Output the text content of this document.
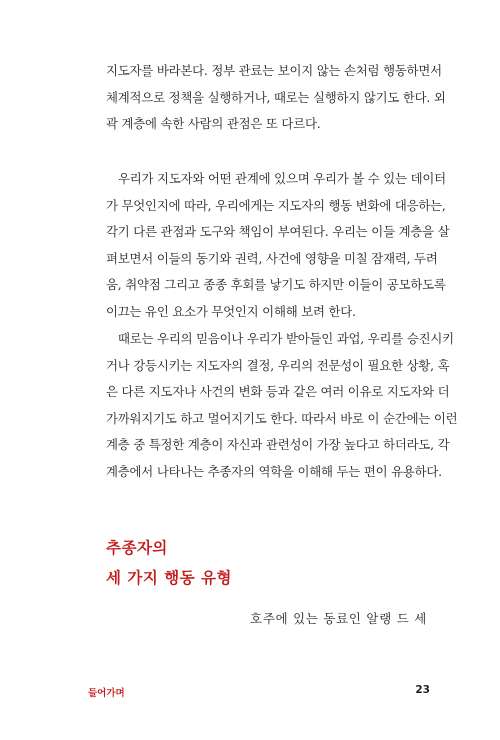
지도자를 바라본다. 정부 관료는 보이지 않는 손처럼 행동하면서
체계적으로 정책을 실행하거나, 때로는 실행하지 않기도 한다. 외
곽 계층에 속한 사람의 관점은 또 다르다.

우리가 지도자와 어떤 관계에 있으며 우리가 볼 수 있는 데이터
가 무엇인지에 따라, 우리에게는 지도자의 행동 변화에 대응하는,
각기 다른 관점과 도구와 책임이 부여된다. 우리는 이들 계층을 살
펴보면서 이들의 동기와 권력, 사건에 영향을 미칠 잠재력, 두려
움, 취약점 그리고 종종 후회를 낳기도 하지만 이들이 공모하도록
이끄는 유인 요소가 무엇인지 이해해 보려 한다.

때로는 우리의 믿음이나 우리가 받아들인 과업, 우리를 승진시키
거나 강등시키는 지도자의 결정, 우리의 전문성이 필요한 상황, 혹
은 다른 지도자나 사건의 변화 등과 같은 여러 이유로 지도자와 더
가까워지기도 하고 멀어지기도 한다. 따라서 바로 이 순간에는 이런
계층 중 특정한 계층이 자신과 관련성이 가장 높다고 하더라도, 각
계층에서 나타나는 추종자의 역학을 이해해 두는 편이 유용하다.

추종자의
세 가지 행동 유형
호주에 있는 동료인 알랭 드 세
들어가며	23
